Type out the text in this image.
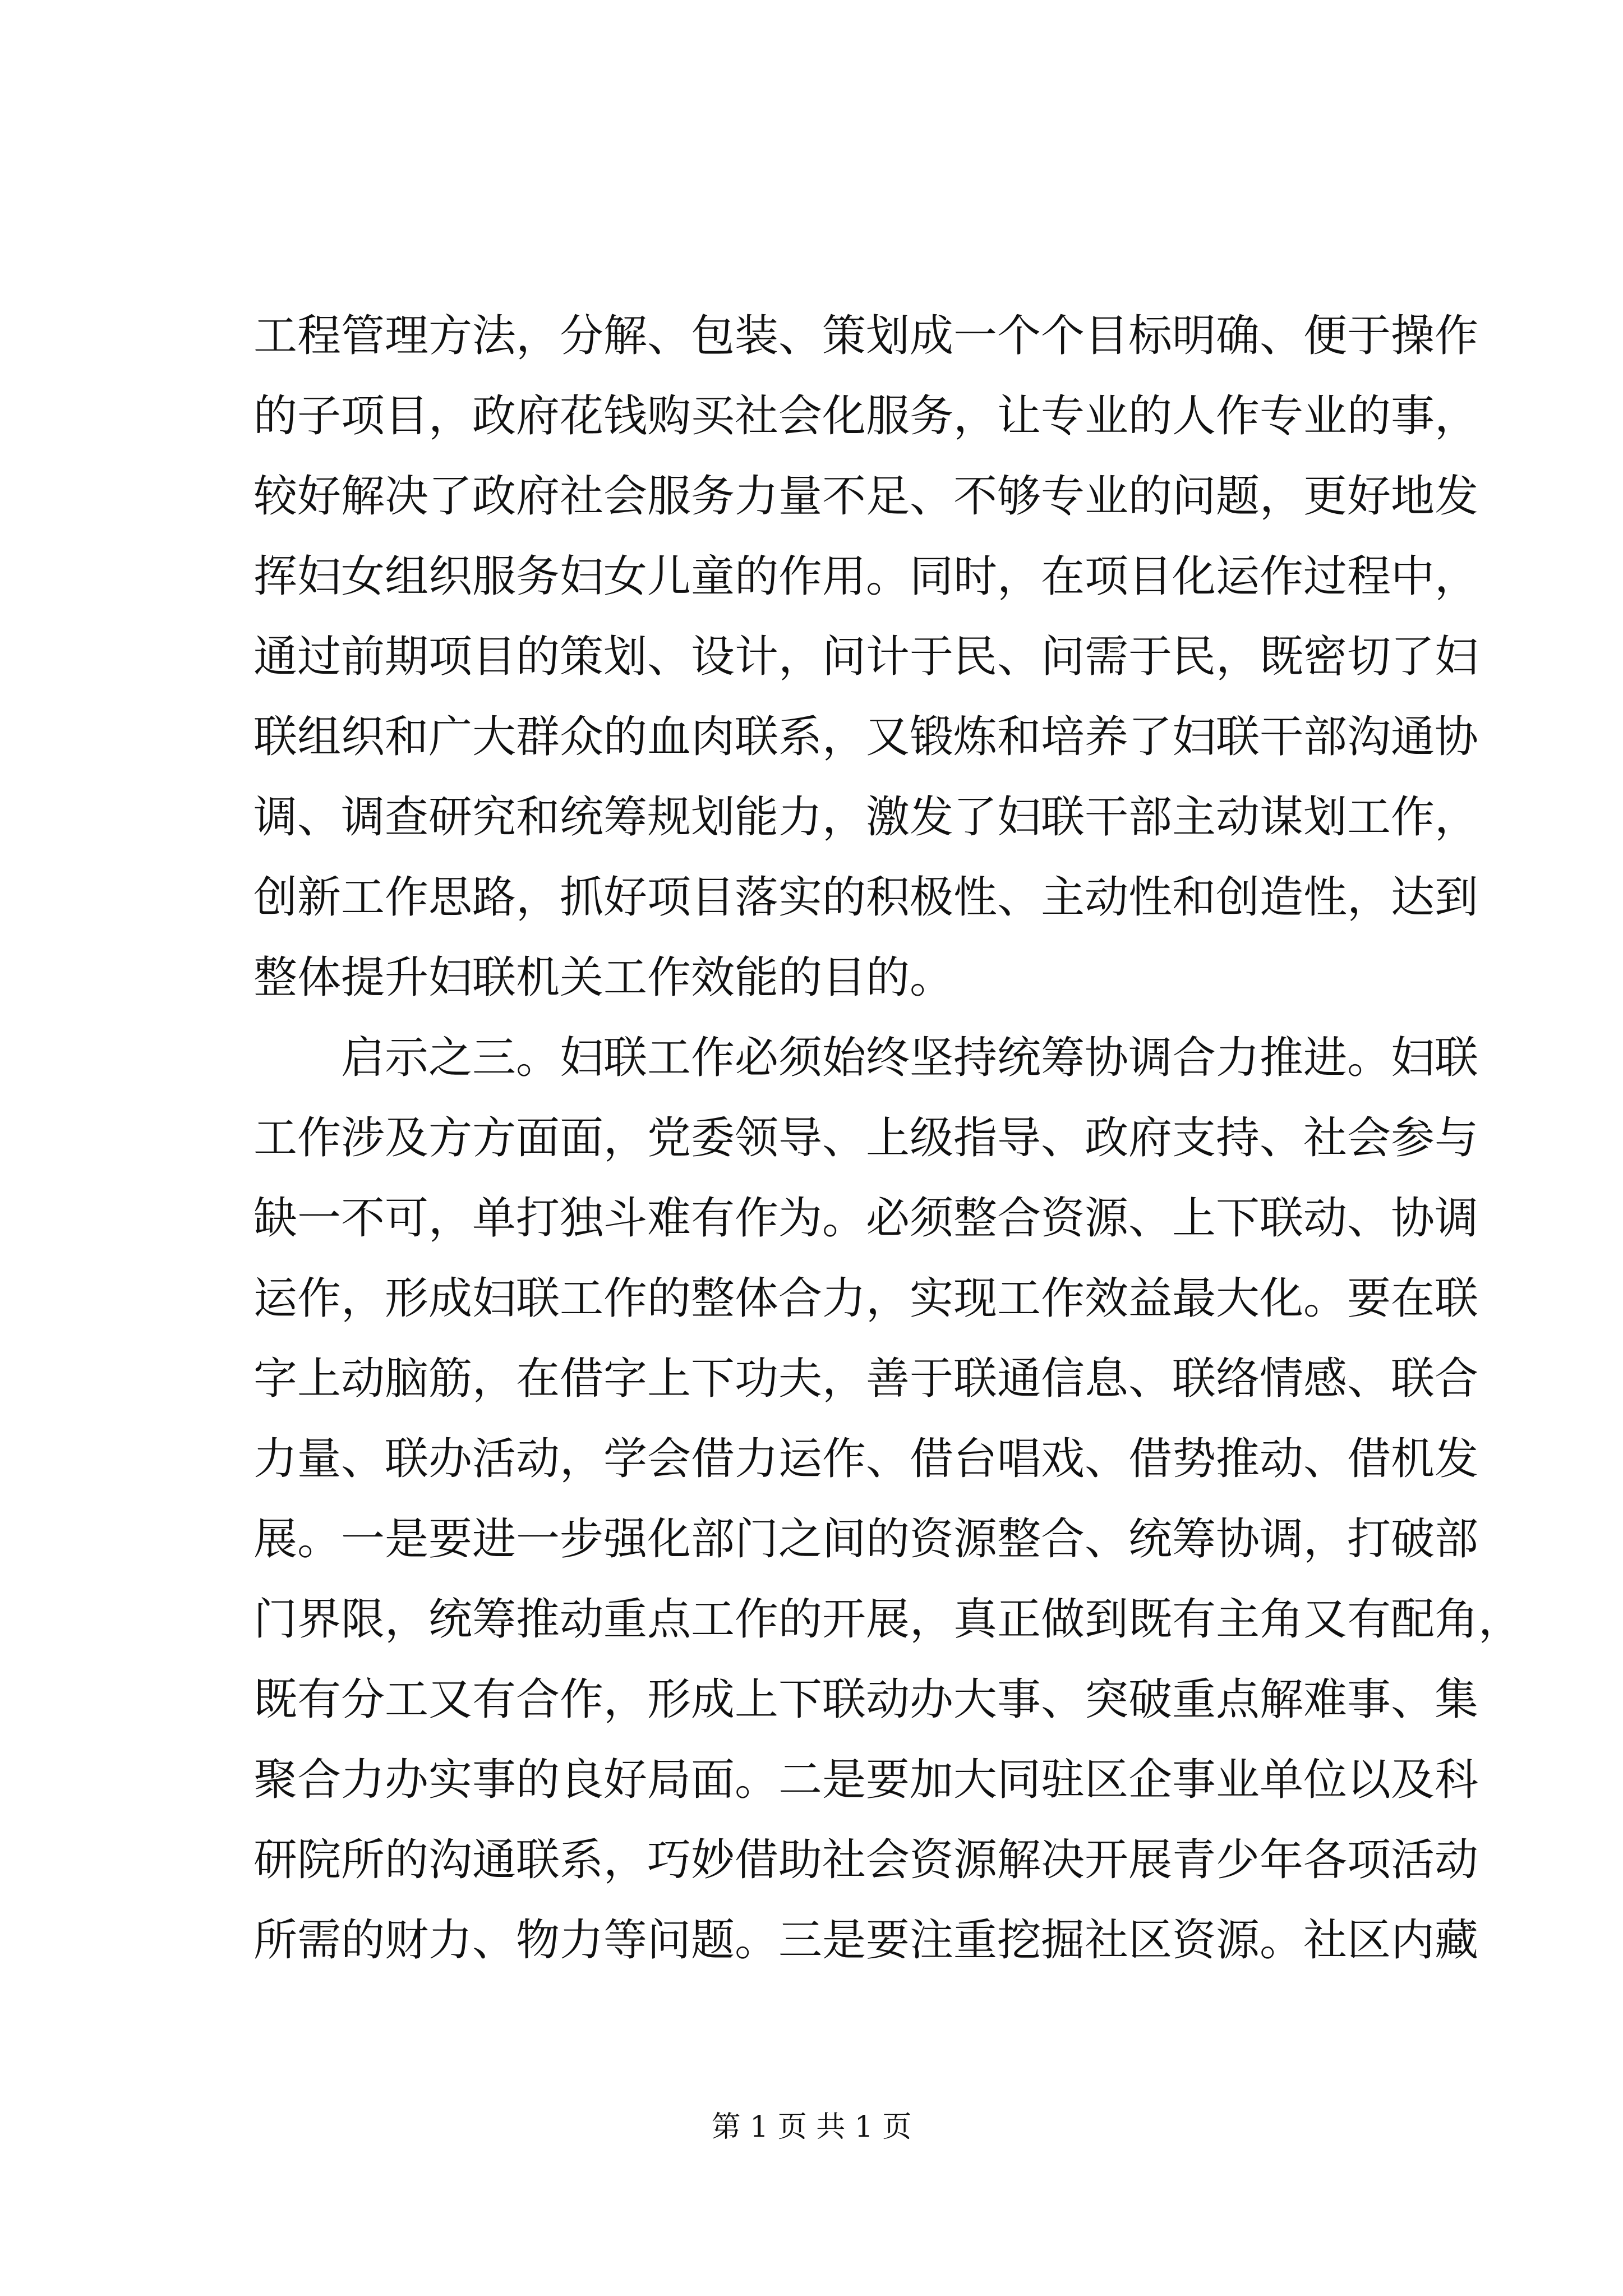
工程管理方法，分解、包装、策划成一个个目标明确、便于操作
的子项目，政府花钱购买社会化服务，让专业的人作专业的事，
较好解决了政府社会服务力量不足、不够专业的问题，更好地发
挥妇女组织服务妇女儿童的作用。同时，在项目化运作过程中，
通过前期项目的策划、设计，问计于民、问需于民，既密切了妇
联组织和广大群众的血肉联系，又锻炼和培养了妇联干部沟通协
调、调查研究和统筹规划能力，激发了妇联干部主动谋划工作，
创新工作思路，抓好项目落实的积极性、主动性和创造性，达到
整体提升妇联机关工作效能的目的。
启示之三。妇联工作必须始终坚持统筹协调合力推进。妇联
工作涉及方方面面，党委领导、上级指导、政府支持、社会参与
缺一不可，单打独斗难有作为。必须整合资源、上下联动、协调
运作，形成妇联工作的整体合力，实现工作效益最大化。要在联
字上动脑筋，在借字上下功夫，善于联通信息、联络情感、联合
力量、联办活动，学会借力运作、借台唱戏、借势推动、借机发
展。一是要进一步强化部门之间的资源整合、统筹协调，打破部
门界限，统筹推动重点工作的开展，真正做到既有主角又有配角，
既有分工又有合作，形成上下联动办大事、突破重点解难事、集
聚合力办实事的良好局面。二是要加大同驻区企事业单位以及科
研院所的沟通联系，巧妙借助社会资源解决开展青少年各项活动
所需的财力、物力等问题。三是要注重挖掘社区资源。社区内藏
第 1 页 共 1 页
